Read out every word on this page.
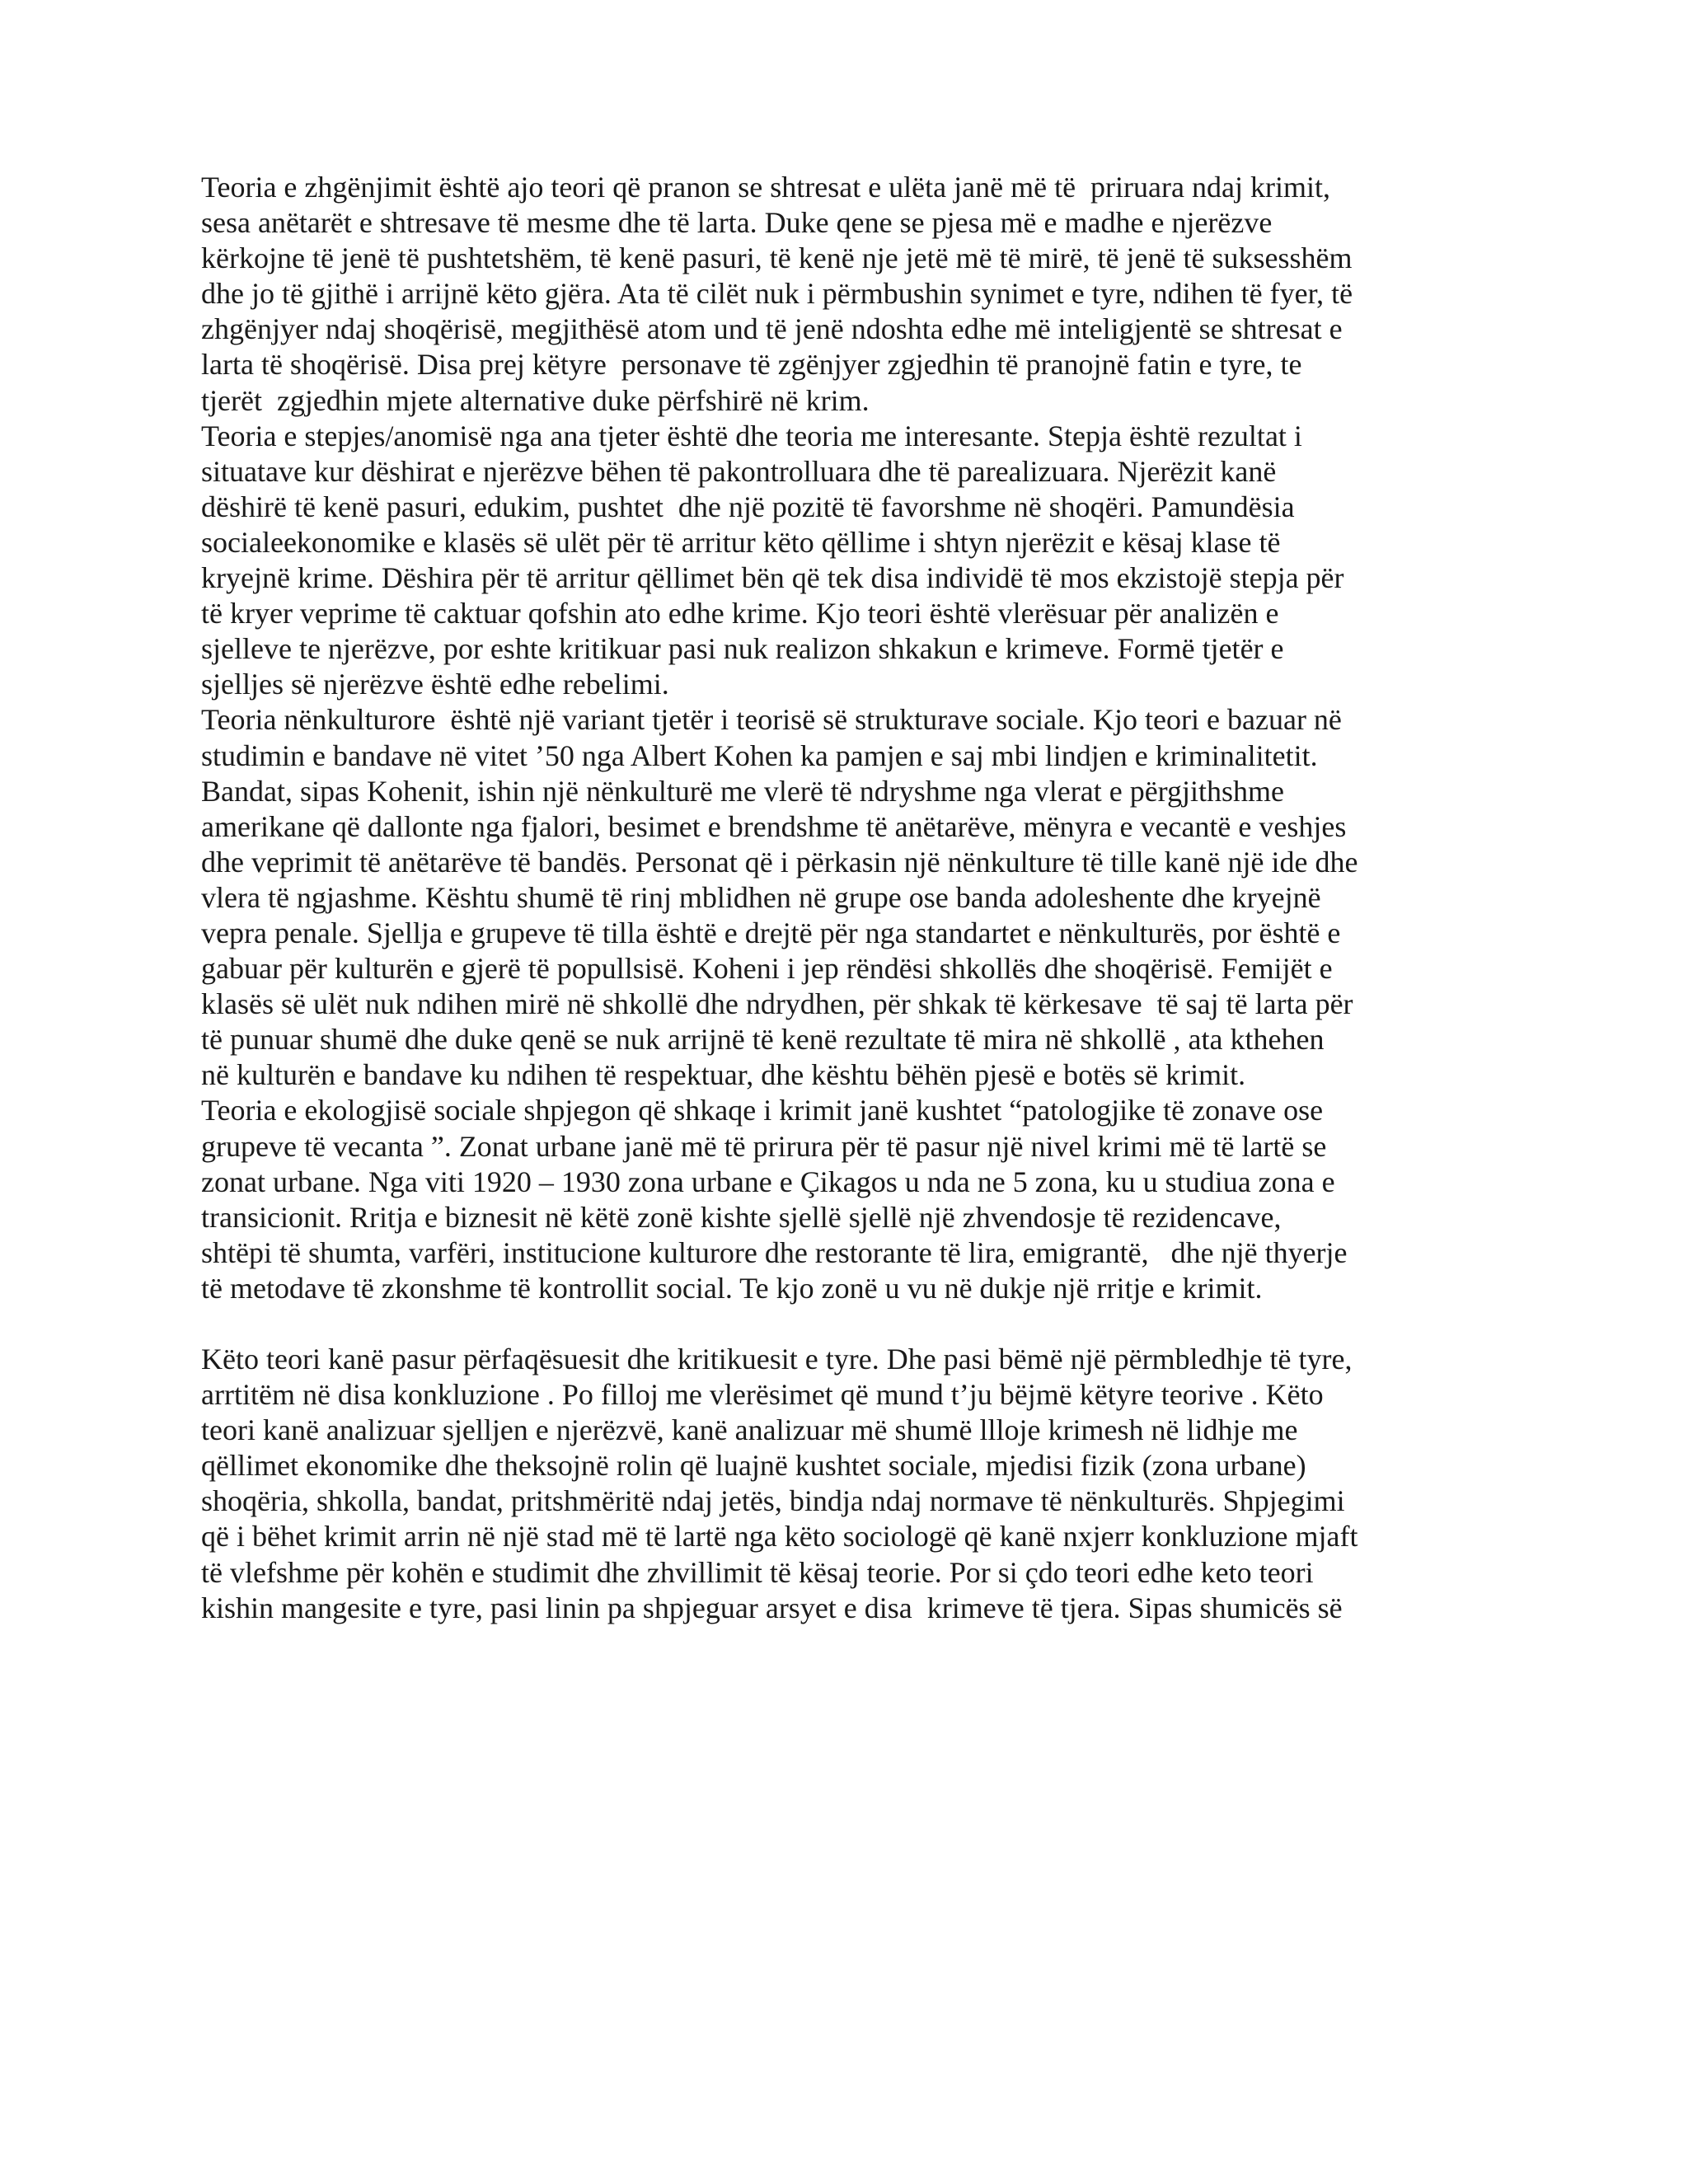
Teoria e zhgënjimit është ajo teori që pranon se shtresat e ulëta janë më të  priruara ndaj krimit,
sesa anëtarët e shtresave të mesme dhe të larta. Duke qene se pjesa më e madhe e njerëzve
kërkojne të jenë të pushtetshëm, të kenë pasuri, të kenë nje jetë më të mirë, të jenë të suksesshëm
dhe jo të gjithë i arrijnë këto gjëra. Ata të cilët nuk i përmbushin synimet e tyre, ndihen të fyer, të
zhgënjyer ndaj shoqërisë, megjithësë atom und të jenë ndoshta edhe më inteligjentë se shtresat e
larta të shoqërisë. Disa prej këtyre  personave të zgënjyer zgjedhin të pranojnë fatin e tyre, te
tjerët  zgjedhin mjete alternative duke përfshirë në krim.
Teoria e stepjes/anomisë nga ana tjeter është dhe teoria me interesante. Stepja është rezultat i
situatave kur dëshirat e njerëzve bëhen të pakontrolluara dhe të parealizuara. Njerëzit kanë
dëshirë të kenë pasuri, edukim, pushtet  dhe një pozitë të favorshme në shoqëri. Pamundësia
socialeekonomike e klasës së ulët për të arritur këto qëllime i shtyn njerëzit e kësaj klase të
kryejnë krime. Dëshira për të arritur qëllimet bën që tek disa individë të mos ekzistojë stepja për
të kryer veprime të caktuar qofshin ato edhe krime. Kjo teori është vlerësuar për analizën e
sjelleve te njerëzve, por eshte kritikuar pasi nuk realizon shkakun e krimeve. Formë tjetër e
sjelljes së njerëzve është edhe rebelimi.
Teoria nënkulturore  është një variant tjetër i teorisë së strukturave sociale. Kjo teori e bazuar në
studimin e bandave në vitet ’50 nga Albert Kohen ka pamjen e saj mbi lindjen e kriminalitetit.
Bandat, sipas Kohenit, ishin një nënkulturë me vlerë të ndryshme nga vlerat e përgjithshme
amerikane që dallonte nga fjalori, besimet e brendshme të anëtarëve, mënyra e vecantë e veshjes
dhe veprimit të anëtarëve të bandës. Personat që i përkasin një nënkulture të tille kanë një ide dhe
vlera të ngjashme. Kështu shumë të rinj mblidhen në grupe ose banda adoleshente dhe kryejnë
vepra penale. Sjellja e grupeve të tilla është e drejtë për nga standartet e nënkulturës, por është e
gabuar për kulturën e gjerë të popullsisë. Koheni i jep rëndësi shkollës dhe shoqërisë. Femijët e
klasës së ulët nuk ndihen mirë në shkollë dhe ndrydhen, për shkak të kërkesave  të saj të larta për
të punuar shumë dhe duke qenë se nuk arrijnë të kenë rezultate të mira në shkollë , ata kthehen
në kulturën e bandave ku ndihen të respektuar, dhe kështu bëhën pjesë e botës së krimit.
Teoria e ekologjisë sociale shpjegon që shkaqe i krimit janë kushtet “patologjike të zonave ose
grupeve të vecanta ”. Zonat urbane janë më të prirura për të pasur një nivel krimi më të lartë se
zonat urbane. Nga viti 1920 – 1930 zona urbane e Çikagos u nda ne 5 zona, ku u studiua zona e
transicionit. Rritja e biznesit në këtë zonë kishte sjellë sjellë një zhvendosje të rezidencave,
shtëpi të shumta, varfëri, institucione kulturore dhe restorante të lira, emigrantë,   dhe një thyerje
të metodave të zkonshme të kontrollit social. Te kjo zonë u vu në dukje një rritje e krimit.
Këto teori kanë pasur përfaqësuesit dhe kritikuesit e tyre. Dhe pasi bëmë një përmbledhje të tyre,
arrtitëm në disa konkluzione . Po filloj me vlerësimet që mund t’ju bëjmë këtyre teorive . Këto
teori kanë analizuar sjelljen e njerëzvë, kanë analizuar më shumë llloje krimesh në lidhje me
qëllimet ekonomike dhe theksojnë rolin që luajnë kushtet sociale, mjedisi fizik (zona urbane)
shoqëria, shkolla, bandat, pritshmëritë ndaj jetës, bindja ndaj normave të nënkulturës. Shpjegimi
që i bëhet krimit arrin në një stad më të lartë nga këto sociologë që kanë nxjerr konkluzione mjaft
të vlefshme për kohën e studimit dhe zhvillimit të kësaj teorie. Por si çdo teori edhe keto teori
kishin mangesite e tyre, pasi linin pa shpjeguar arsyet e disa  krimeve të tjera. Sipas shumicës së
